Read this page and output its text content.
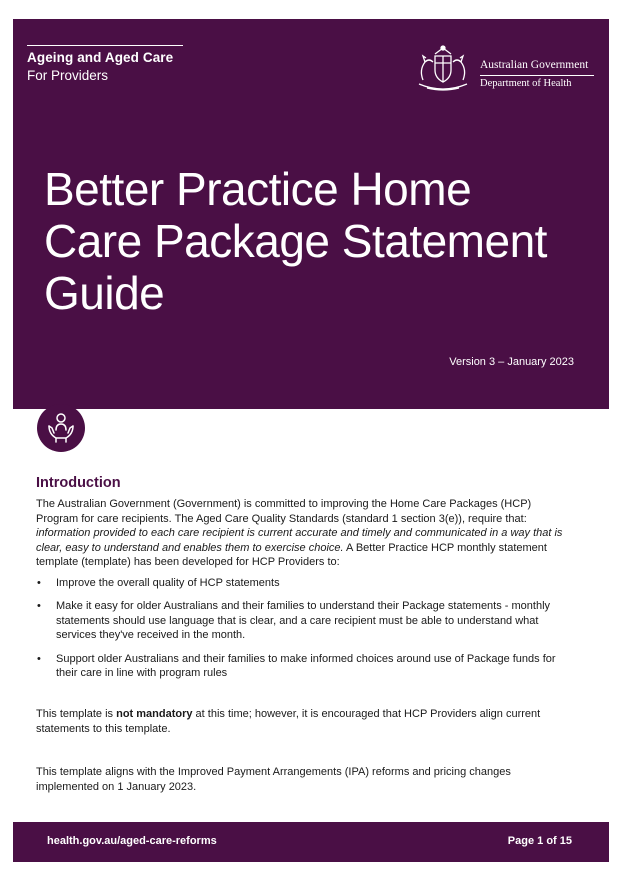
Ageing and Aged Care
For Providers
Australian Government
Department of Health
Better Practice Home Care Package Statement Guide
Version 3 – January 2023
Introduction

The Australian Government (Government) is committed to improving the Home Care Packages (HCP) Program for care recipients. The Aged Care Quality Standards (standard 1 section 3(e)), require that: information provided to each care recipient is current accurate and timely and communicated in a way that is clear, easy to understand and enables them to exercise choice. A Better Practice HCP monthly statement template (template) has been developed for HCP Providers to:

• Improve the overall quality of HCP statements
• Make it easy for older Australians and their families to understand their Package statements - monthly statements should use language that is clear, and a care recipient must be able to understand what services they've received in the month.
• Support older Australians and their families to make informed choices around use of Package funds for their care in line with program rules

This template is not mandatory at this time; however, it is encouraged that HCP Providers align current statements to this template.

This template aligns with the Improved Payment Arrangements (IPA) reforms and pricing changes implemented on 1 January 2023.

health.gov.au/aged-care-reforms	Page 1 of 15
